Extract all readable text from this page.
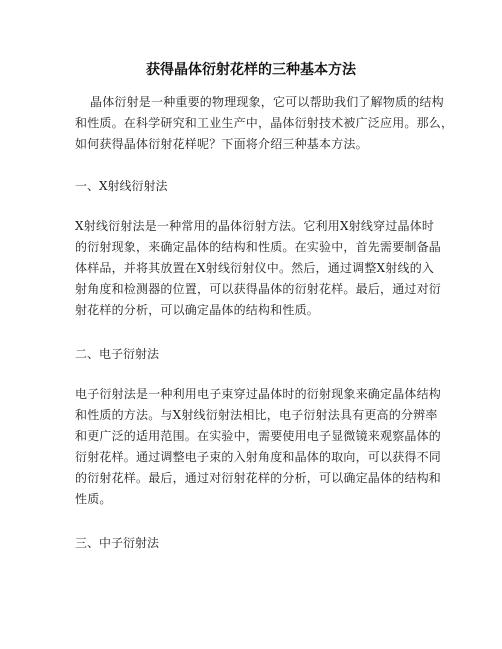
获得晶体衍射花样的三种基本方法
晶体衍射是一种重要的物理现象，它可以帮助我们了解物质的结构
和性质。在科学研究和工业生产中，晶体衍射技术被广泛应用。那么，
如何获得晶体衍射花样呢？下面将介绍三种基本方法。
一、X射线衍射法
X射线衍射法是一种常用的晶体衍射方法。它利用X射线穿过晶体时
的衍射现象，来确定晶体的结构和性质。在实验中，首先需要制备晶
体样品，并将其放置在X射线衍射仪中。然后，通过调整X射线的入
射角度和检测器的位置，可以获得晶体的衍射花样。最后，通过对衍
射花样的分析，可以确定晶体的结构和性质。
二、电子衍射法
电子衍射法是一种利用电子束穿过晶体时的衍射现象来确定晶体结构
和性质的方法。与X射线衍射法相比，电子衍射法具有更高的分辨率
和更广泛的适用范围。在实验中，需要使用电子显微镜来观察晶体的
衍射花样。通过调整电子束的入射角度和晶体的取向，可以获得不同
的衍射花样。最后，通过对衍射花样的分析，可以确定晶体的结构和
性质。
三、中子衍射法
